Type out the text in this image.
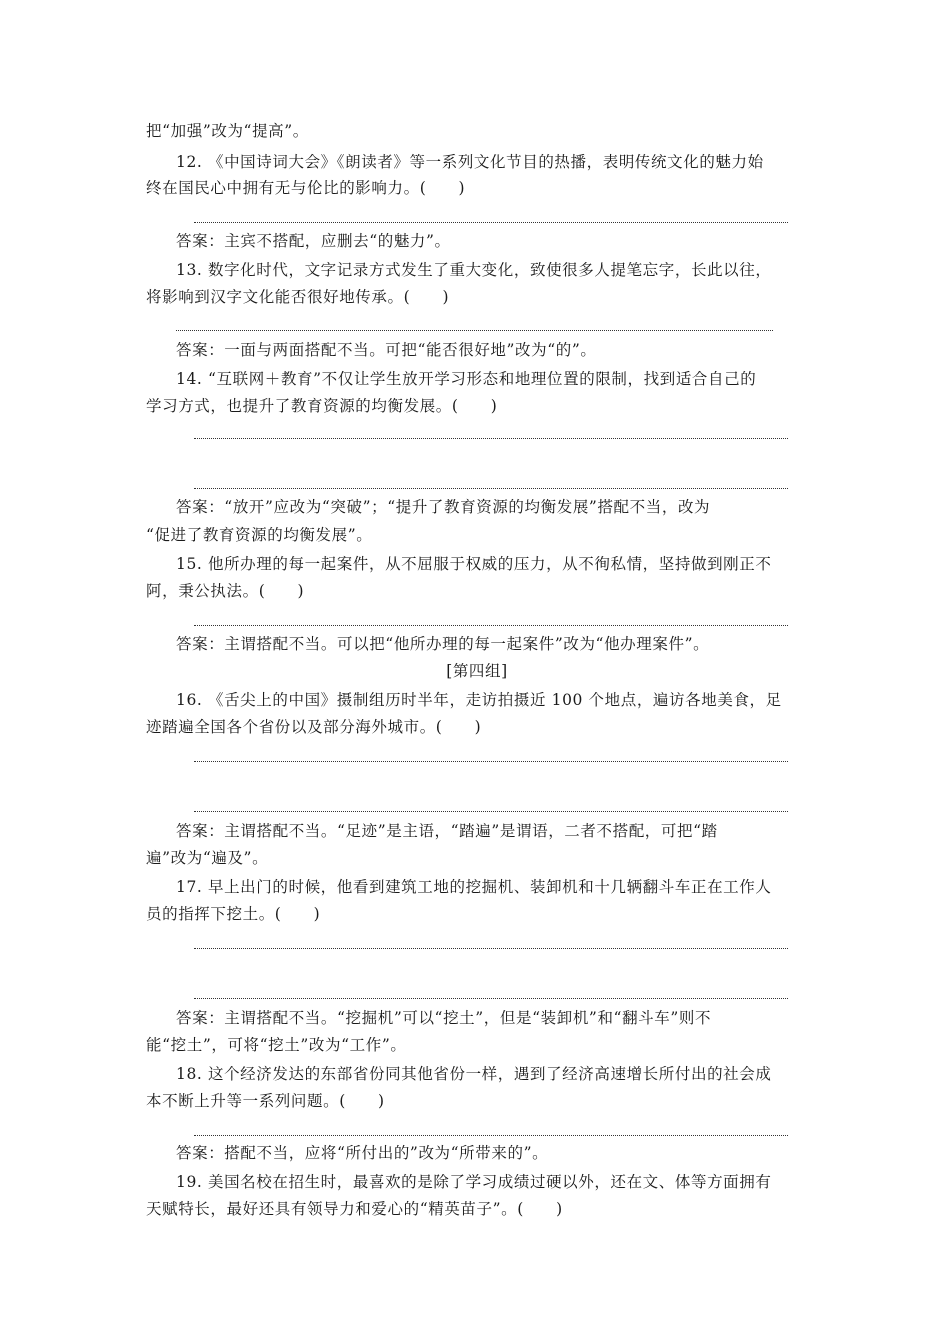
把“加强”改为“提高”。
12. 《中国诗词大会》《朗读者》等一系列文化节目的热播，表明传统文化的魅力始
终在国民心中拥有无与伦比的影响力。(　　)
答案：主宾不搭配，应删去“的魅力”。
13. 数字化时代，文字记录方式发生了重大变化，致使很多人提笔忘字，长此以往，
将影响到汉字文化能否很好地传承。(　　)
答案：一面与两面搭配不当。可把“能否很好地”改为“的”。
14. “互联网＋教育”不仅让学生放开学习形态和地理位置的限制，找到适合自己的
学习方式，也提升了教育资源的均衡发展。(　　)
答案：“放开”应改为“突破”；“提升了教育资源的均衡发展”搭配不当，改为
“促进了教育资源的均衡发展”。
15. 他所办理的每一起案件，从不屈服于权威的压力，从不徇私情，坚持做到刚正不
阿，秉公执法。(　　)
答案：主谓搭配不当。可以把“他所办理的每一起案件”改为“他办理案件”。
[第四组]
16. 《舌尖上的中国》摄制组历时半年，走访拍摄近 100 个地点，遍访各地美食，足
迹踏遍全国各个省份以及部分海外城市。(　　)
答案：主谓搭配不当。“足迹”是主语，“踏遍”是谓语，二者不搭配，可把“踏
遍”改为“遍及”。
17. 早上出门的时候，他看到建筑工地的挖掘机、装卸机和十几辆翻斗车正在工作人
员的指挥下挖土。(　　)
答案：主谓搭配不当。“挖掘机”可以“挖土”，但是“装卸机”和“翻斗车”则不
能“挖土”，可将“挖土”改为“工作”。
18. 这个经济发达的东部省份同其他省份一样，遇到了经济高速增长所付出的社会成
本不断上升等一系列问题。(　　)
答案：搭配不当，应将“所付出的”改为“所带来的”。
19. 美国名校在招生时，最喜欢的是除了学习成绩过硬以外，还在文、体等方面拥有
天赋特长，最好还具有领导力和爱心的“精英苗子”。(　　)
